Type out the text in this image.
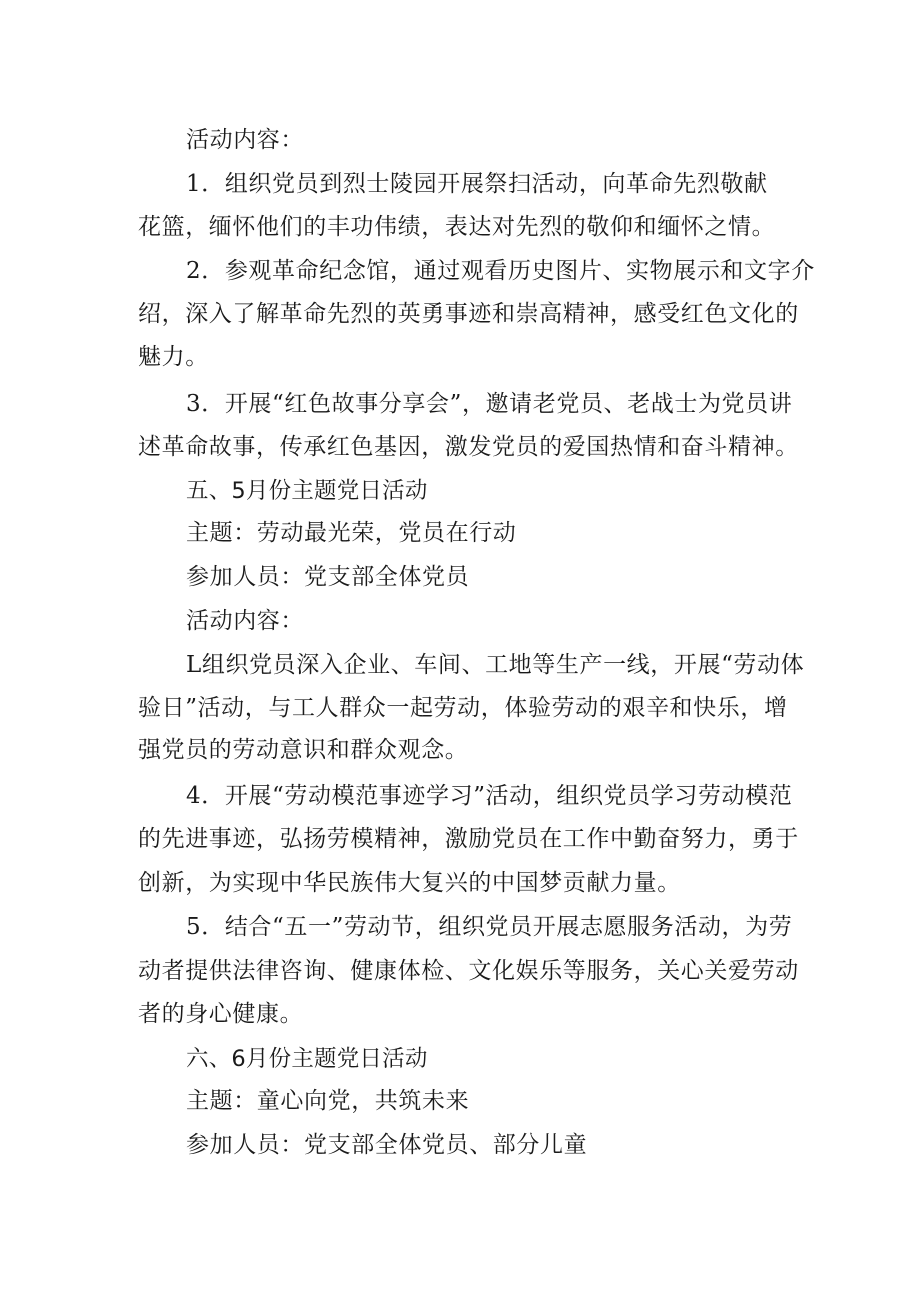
活动内容：
1．组织党员到烈士陵园开展祭扫活动，向革命先烈敬献
花篮，缅怀他们的丰功伟绩，表达对先烈的敬仰和缅怀之情。
2．参观革命纪念馆，通过观看历史图片、实物展示和文字介
绍，深入了解革命先烈的英勇事迹和崇高精神，感受红色文化的
魅力。
3．开展“红色故事分享会”，邀请老党员、老战士为党员讲
述革命故事，传承红色基因，激发党员的爱国热情和奋斗精神。
五、5月份主题党日活动
主题：劳动最光荣，党员在行动
参加人员：党支部全体党员
活动内容：
L组织党员深入企业、车间、工地等生产一线，开展“劳动体
验日”活动，与工人群众一起劳动，体验劳动的艰辛和快乐，增
强党员的劳动意识和群众观念。
4．开展“劳动模范事迹学习”活动，组织党员学习劳动模范
的先进事迹，弘扬劳模精神，激励党员在工作中勤奋努力，勇于
创新，为实现中华民族伟大复兴的中国梦贡献力量。
5．结合“五一”劳动节，组织党员开展志愿服务活动，为劳
动者提供法律咨询、健康体检、文化娱乐等服务，关心关爱劳动
者的身心健康。
六、6月份主题党日活动
主题：童心向党，共筑未来
参加人员：党支部全体党员、部分儿童
